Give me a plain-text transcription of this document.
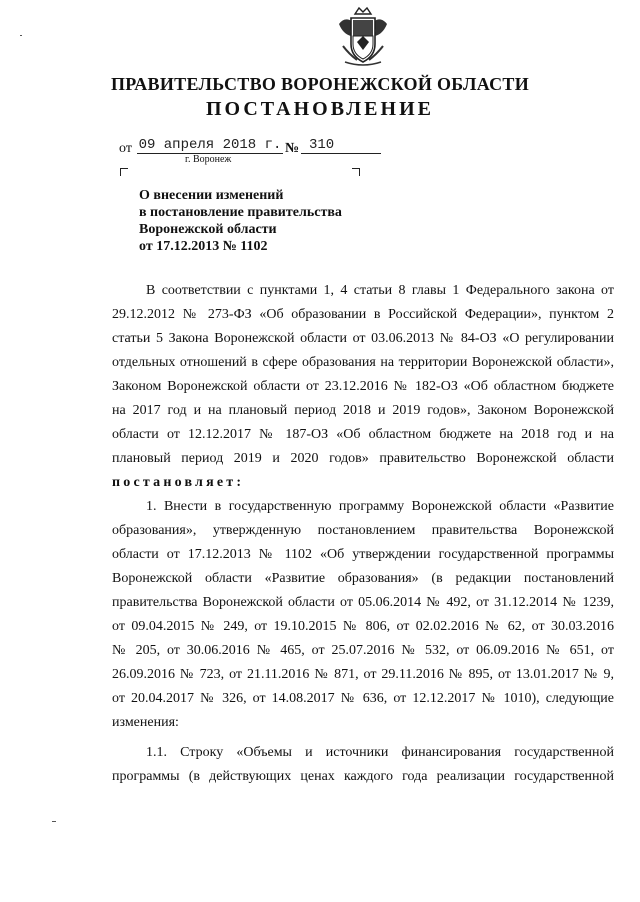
ПРАВИТЕЛЬСТВО ВОРОНЕЖСКОЙ ОБЛАСТИ
ПОСТАНОВЛЕНИЕ
от 09 апреля 2018 г. № 310
г. Воронеж
О внесении изменений
в постановление правительства
Воронежской области
от 17.12.2013 № 1102
В соответствии с пунктами 1, 4 статьи 8 главы 1 Федерального закона от
29.12.2012 № 273-ФЗ «Об образовании в Российской Федерации», пунктом 2
статьи 5 Закона Воронежской области от 03.06.2013 № 84-ОЗ «О регулировании
отдельных отношений в сфере образования на территории Воронежской области»,
Законом Воронежской области от 23.12.2016 № 182-ОЗ «Об областном бюджете
на 2017 год и на плановый период 2018 и 2019 годов», Законом Воронежской
области от 12.12.2017 № 187-ОЗ «Об областном бюджете на 2018 год и на
плановый период 2019 и 2020 годов» правительство Воронежской области
постановляет:
1. Внести в государственную программу Воронежской области «Развитие
образования», утвержденную постановлением правительства Воронежской
области от 17.12.2013 № 1102 «Об утверждении государственной программы
Воронежской области «Развитие образования» (в редакции постановлений
правительства Воронежской области от 05.06.2014 № 492, от 31.12.2014 № 1239,
от 09.04.2015 № 249, от 19.10.2015 № 806, от 02.02.2016 № 62, от 30.03.2016
№ 205, от 30.06.2016 № 465, от 25.07.2016 № 532, от 06.09.2016 № 651, от
26.09.2016 № 723, от 21.11.2016 № 871, от 29.11.2016 № 895, от 13.01.2017 № 9,
от 20.04.2017 № 326, от 14.08.2017 № 636, от 12.12.2017 № 1010), следующие
изменения:
1.1. Строку «Объемы и источники финансирования государственной
программы (в действующих ценах каждого года реализации государственной
